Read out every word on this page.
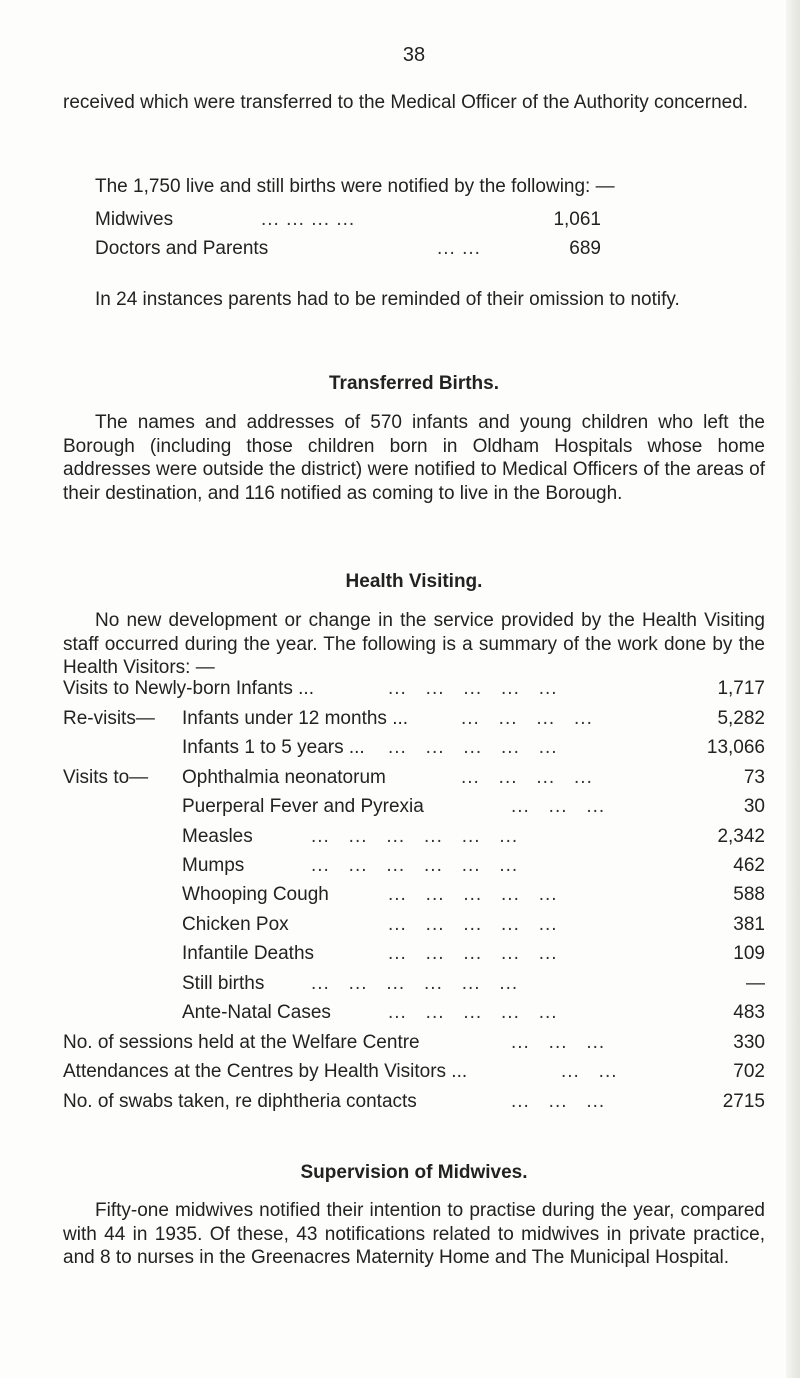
38

received which were transferred to the Medical Officer of the Authority concerned.

The 1,750 live and still births were notified by the following: —

Midwives	... ... ... ...	1,061
Doctors and Parents	... ...	689

In 24 instances parents had to be reminded of their omission to notify.

Transferred Births.

The names and addresses of 570 infants and young children who left the Borough (including those children born in Oldham Hospitals whose home addresses were outside the district) were notified to Medical Officers of the areas of their destination, and 116 notified as coming to live in the Borough.

Health Visiting.

No new development or change in the service provided by the Health Visiting staff occurred during the year. The following is a summary of the work done by the Health Visitors: —

Visits to Newly-born Infants ...	...   ...   ...   ...   ...	1,717
Re-visits— Infants under 12 months ...	...   ...   ...   ...	5,282
Infants 1 to 5 years ... ...   ...   ...   ...   ...	13,066
Visits to— Ophthalmia neonatorum	...   ...   ...   ...	73
Puerperal Fever and Pyrexia	...   ...   ...	30
Measles	...   ...   ...   ...   ...   ...	2,342
Mumps	...   ...   ...   ...   ...   ...	462
Whooping Cough	...   ...   ...   ...   ...	588
Chicken Pox	...   ...   ...   ...   ...	381
Infantile Deaths	...   ...   ...   ...   ...	109
Still births ...   ...   ...   ...   ...   ...	—
Ante-Natal Cases	...   ...   ...   ...   ...	483
No. of sessions held at the Welfare Centre	...   ...   ...	330
Attendances at the Centres by Health Visitors ...	...   ...	702
No. of swabs taken, re diphtheria contacts	...   ...   ...	2715
Supervision of Midwives.

Fifty-one midwives notified their intention to practise during the year, compared with 44 in 1935. Of these, 43 notifications related to midwives in private practice, and 8 to nurses in the Greenacres Maternity Home and The Municipal Hospital.
